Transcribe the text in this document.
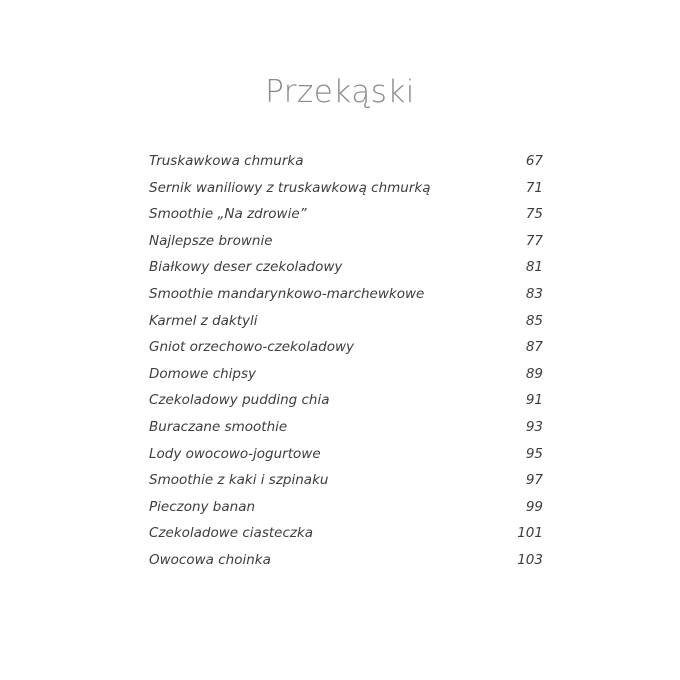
Przekąski
Truskawkowa chmurka	67
Sernik waniliowy z truskawkową chmurką	71
Smoothie „Na zdrowie”	75
Najlepsze brownie	77
Białkowy deser czekoladowy	81
Smoothie mandarynkowo-marchewkowe	83
Karmel z daktyli	85
Gniot orzechowo-czekoladowy	87
Domowe chipsy	89
Czekoladowy pudding chia	91
Buraczane smoothie	93
Lody owocowo-jogurtowe	95
Smoothie z kaki i szpinaku	97
Pieczony banan	99
Czekoladowe ciasteczka	101
Owocowa choinka	103
